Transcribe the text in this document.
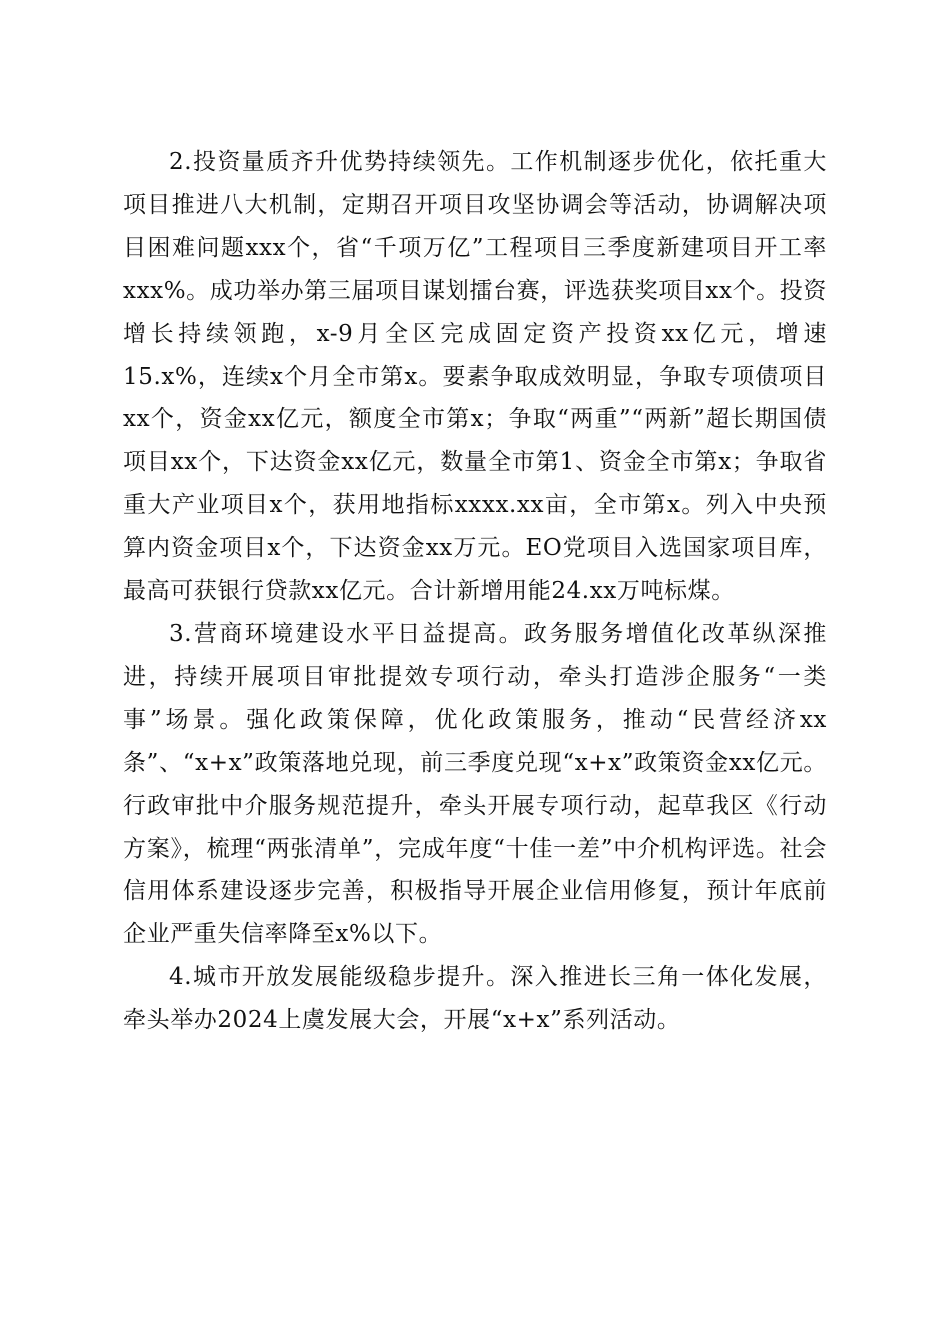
2.投资量质齐升优势持续领先。工作机制逐步优化，依托重大项目推进八大机制，定期召开项目攻坚协调会等活动，协调解决项目困难问题xxx个，省“千项万亿”工程项目三季度新建项目开工率xxx%。成功举办第三届项目谋划擂台赛，评选获奖项目xx个。投资增长持续领跑，x-9月全区完成固定资产投资xx亿元，增速15.x%，连续x个月全市第x。要素争取成效明显，争取专项债项目xx个，资金xx亿元，额度全市第x；争取“两重”“两新”超长期国债项目xx个，下达资金xx亿元，数量全市第1、资金全市第x；争取省重大产业项目x个，获用地指标xxxx.xx亩，全市第x。列入中央预算内资金项目x个，下达资金xx万元。EO党项目入选国家项目库，最高可获银行贷款xx亿元。合计新增用能24.xx万吨标煤。

3.营商环境建设水平日益提高。政务服务增值化改革纵深推进，持续开展项目审批提效专项行动，牵头打造涉企服务“一类事”场景。强化政策保障，优化政策服务，推动“民营经济xx条”、“x+x”政策落地兑现，前三季度兑现“x+x”政策资金xx亿元。行政审批中介服务规范提升，牵头开展专项行动，起草我区《行动方案》，梳理“两张清单”，完成年度“十佳一差”中介机构评选。社会信用体系建设逐步完善，积极指导开展企业信用修复，预计年底前企业严重失信率降至x%以下。

4.城市开放发展能级稳步提升。深入推进长三角一体化发展，牵头举办2024上虞发展大会，开展“x+x”系列活动。
